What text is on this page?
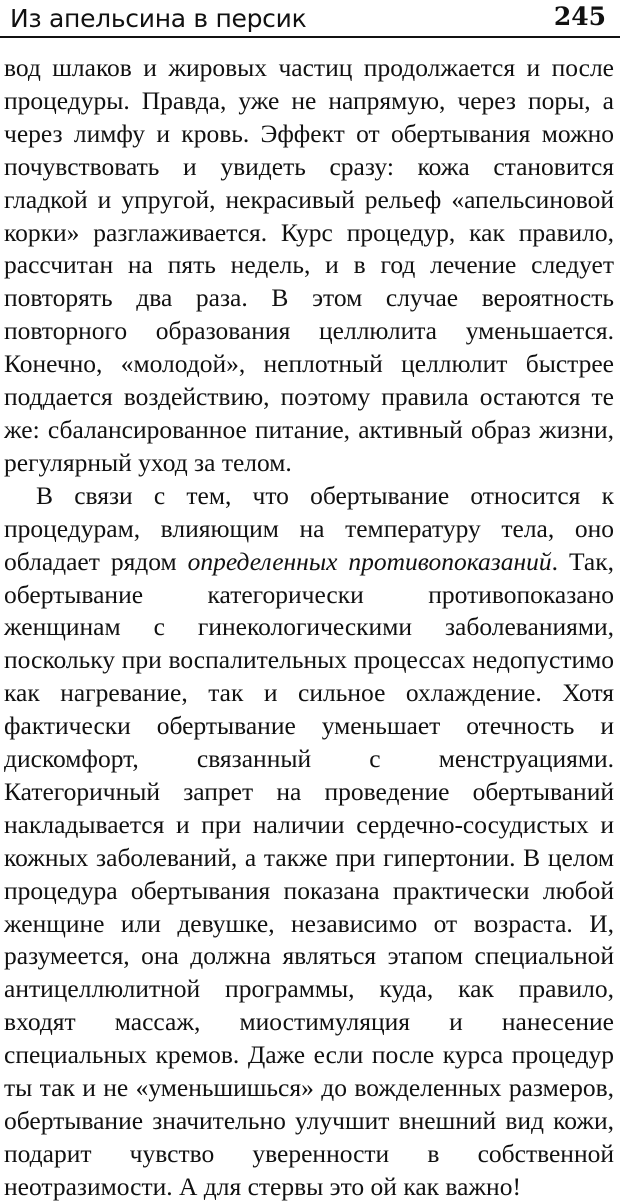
Из апельсина в персик	245

вод шлаков и жировых частиц продолжается и после процедуры. Правда, уже не напрямую, через поры, а через лимфу и кровь. Эффект от обертывания можно почувствовать и увидеть сразу: кожа становится гладкой и упругой, некрасивый рельеф «апельсиновой корки» разглаживается. Курс процедур, как правило, рассчитан на пять недель, и в год лечение следует повторять два раза. В этом случае вероятность повторного образования целлюлита уменьшается. Конечно, «молодой», неплотный целлюлит быстрее поддается воздействию, поэтому правила остаются те же: сбалансированное питание, активный образ жизни, регулярный уход за телом.

В связи с тем, что обертывание относится к процедурам, влияющим на температуру тела, оно обладает рядом определенных противопоказаний. Так, обертывание категорически противопоказано женщинам с гинекологическими заболеваниями, поскольку при воспалительных процессах недопустимо как нагревание, так и сильное охлаждение. Хотя фактически обертывание уменьшает отечность и дискомфорт, связанный с менструациями. Категоричный запрет на проведение обертываний накладывается и при наличии сердечно-сосудистых и кожных заболеваний, а также при гипертонии. В целом процедура обертывания показана практически любой женщине или девушке, независимо от возраста. И, разумеется, она должна являться этапом специальной антицеллюлитной программы, куда, как правило, входят массаж, миостимуляция и нанесение специальных кремов. Даже если после курса процедур ты так и не «уменьшишься» до вожделенных размеров, обертывание значительно улучшит внешний вид кожи, подарит чувство уверенности в собственной неотразимости. А для стервы это ой как важно!
